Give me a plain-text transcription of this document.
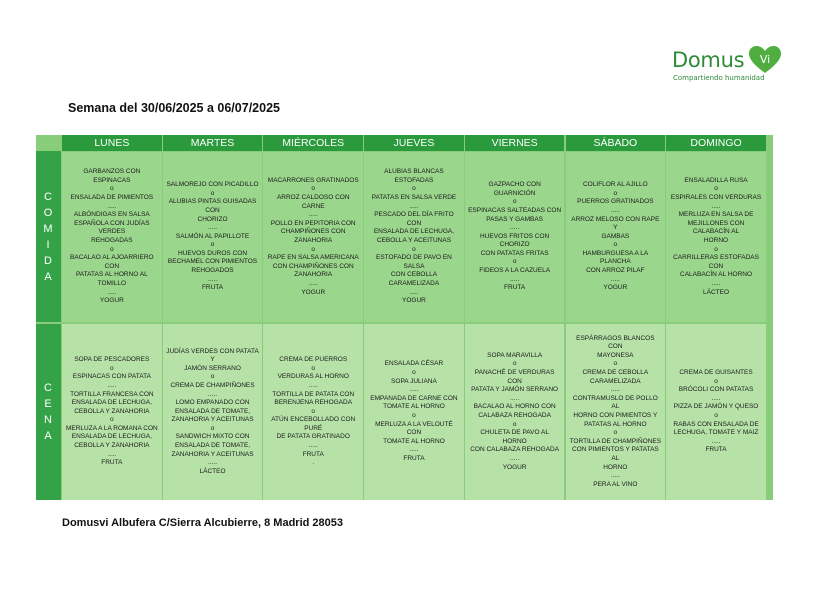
Domus Vi
Compartiendo humanidad
Semana del 30/06/2025 a 06/07/2025
C
O
M
I
D
A
C
E
N
A
LUNES
GARBANZOS CON ESPINACAS
o
ENSALADA DE PIMIENTOS
.....
ALBÓNDIGAS EN SALSA
ESPAÑOLA CON JUDÍAS VERDES
REHOGADAS
o
BACALAO AL AJOARRIERO CON
PATATAS AL HORNO AL
TOMILLO
.....
YOGUR
SOPA DE PESCADORES
o
ESPINACAS CON PATATA
.....
TORTILLA FRANCESA CON
ENSALADA DE LECHUGA,
CEBOLLA Y ZANAHORIA
o
MERLUZA A LA ROMANA CON
ENSALADA DE LECHUGA,
CEBOLLA Y ZANAHORIA
.....
FRUTA
MARTES
SALMOREJO CON PICADILLO
o
ALUBIAS PINTAS GUISADAS CON
CHORIZO
.....
SALMÓN AL PAPILLOTE
o
HUEVOS DUROS CON
BECHAMEL CON PIMIENTOS
REHOGADOS
.....
FRUTA
JUDÍAS VERDES CON PATATA Y
JAMÓN SERRANO
o
CREMA DE CHAMPIÑONES
.....
LOMO EMPANADO CON
ENSALADA DE TOMATE,
ZANAHORIA Y ACEITUNAS
o
SANDWICH MIXTO CON
ENSALADA DE TOMATE,
ZANAHORIA Y ACEITUNAS
.....
LÁCTEO
MIÉRCOLES
MACARRONES GRATINADOS
o
ARROZ CALDOSO CON CARNE
.....
POLLO EN PEPITORIA CON
CHAMPIÑONES CON
ZANAHORIA
o
RAPE EN SALSA AMERICANA
CON CHAMPIÑONES CON
ZANAHORIA
.....
YOGUR
CREMA DE PUERROS
o
VERDURAS AL HORNO
.....
TORTILLA DE PATATA CON
BERENJENA REHOGADA
o
ATÚN ENCEBOLLADO CON PURÉ
DE PATATA GRATINADO
.....
FRUTA
.
JUEVES
ALUBIAS BLANCAS ESTOFADAS
o
PATATAS EN SALSA VERDE
.....
PESCADO DEL DÍA FRITO CON
ENSALADA DE LECHUGA,
CEBOLLA Y ACEITUNAS
o
ESTOFADO DE PAVO EN SALSA
CON CEBOLLA CARAMELIZADA
.....
YOGUR
ENSALADA CÉSAR
o
SOPA JULIANA
.....
EMPANADA DE CARNE CON
TOMATE AL HORNO
o
MERLUZA A LA VELOUTÉ CON
TOMATE AL HORNO
.....
FRUTA
VIERNES
GAZPACHO CON GUARNICIÓN
o
ESPINACAS SALTEADAS CON
PASAS Y GAMBAS
.....
HUEVOS FRITOS CON CHORIZO
CON PATATAS FRITAS
o
FIDEOS A LA CAZUELA
.....
FRUTA
SOPA MARAVILLA
o
PANACHÉ DE VERDURAS CON
PATATA Y JAMÓN SERRANO
.....
BACALAO AL HORNO CON
CALABAZA REHOGADA
o
CHULETA DE PAVO AL HORNO
CON CALABAZA REHOGADA
.....
YOGUR
SÁBADO
COLIFLOR AL AJILLO
o
PUERROS GRATINADOS
.....
ARROZ MELOSO CON RAPE Y
GAMBAS
o
HAMBURGUESA A LA PLANCHA
CON ARROZ PILAF
.....
YOGUR
ESPÁRRAGOS BLANCOS CON
MAYONESA
o
CREMA DE CEBOLLA
CARAMELIZADA
.....
CONTRAMUSLO DE POLLO AL
HORNO CON PIMIENTOS Y
PATATAS AL HORNO
o
TORTILLA DE CHAMPIÑONES
CON PIMIENTOS Y PATATAS AL
HORNO
.....
PERA AL VINO
DOMINGO
ENSALADILLA RUSA
o
ESPIRALES CON VERDURAS
.....
MERLUZA EN SALSA DE
MEJILLONES CON CALABACÍN AL
HORNO
o
CARRILLERAS ESTOFADAS CON
CALABACÍN AL HORNO
.....
LÁCTEO
CREMA DE GUISANTES
o
BRÓCOLI CON PATATAS
.....
PIZZA DE JAMÓN Y QUESO
o
RABAS CON ENSALADA DE
LECHUGA, TOMATE Y MAIZ
.....
FRUTA
Domusvi Albufera C/Sierra Alcubierre, 8 Madrid 28053
